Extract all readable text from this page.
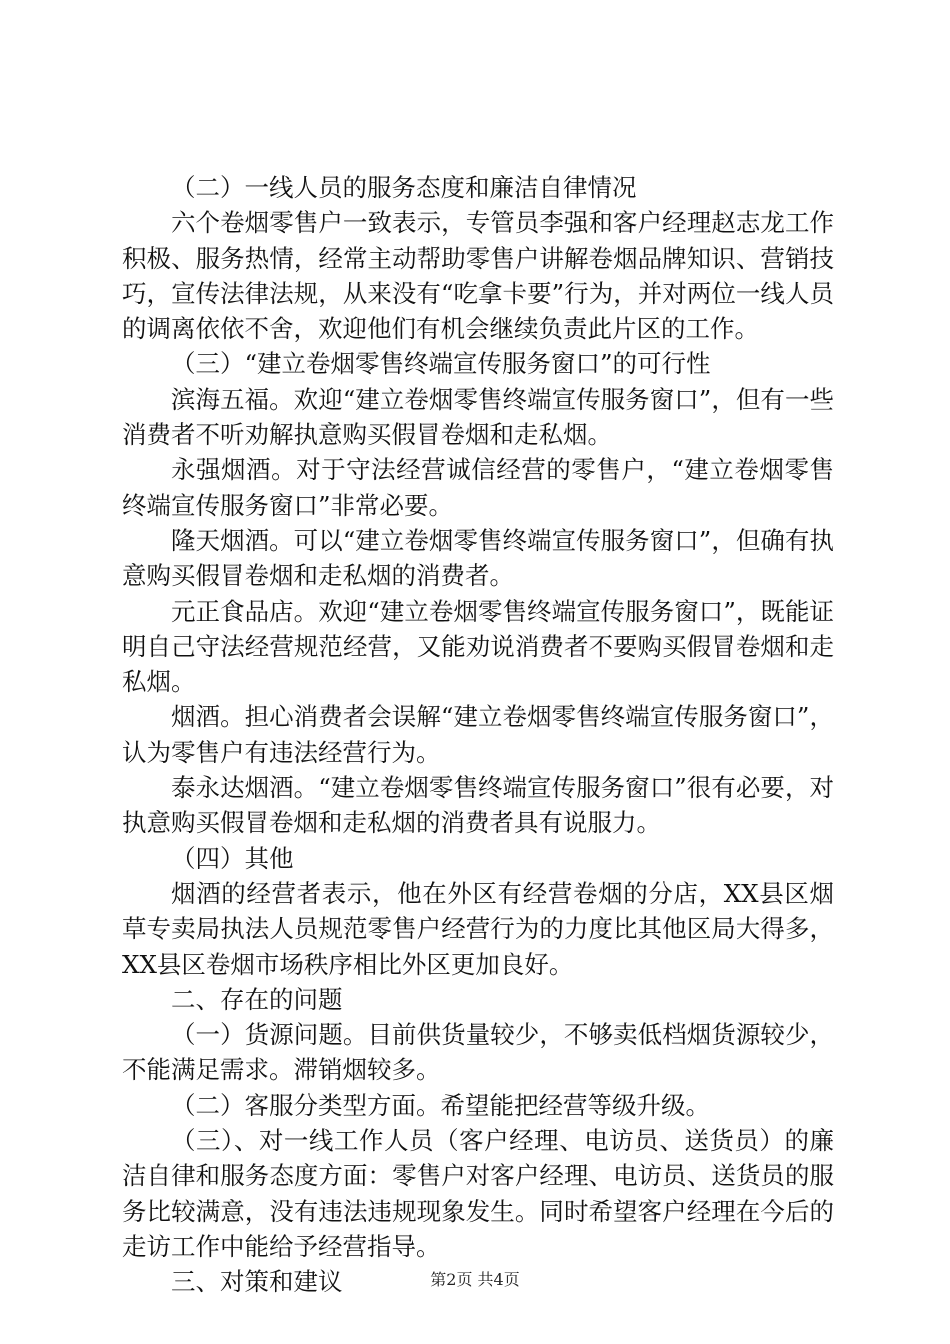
（二）一线人员的服务态度和廉洁自律情况

六个卷烟零售户一致表示，专管员李强和客户经理赵志龙工作积极、服务热情，经常主动帮助零售户讲解卷烟品牌知识、营销技巧，宣传法律法规，从来没有“吃拿卡要”行为，并对两位一线人员的调离依依不舍，欢迎他们有机会继续负责此片区的工作。

（三）“建立卷烟零售终端宣传服务窗口”的可行性

滨海五福。欢迎“建立卷烟零售终端宣传服务窗口”，但有一些消费者不听劝解执意购买假冒卷烟和走私烟。

永强烟酒。对于守法经营诚信经营的零售户，“建立卷烟零售终端宣传服务窗口”非常必要。

隆天烟酒。可以“建立卷烟零售终端宣传服务窗口”，但确有执意购买假冒卷烟和走私烟的消费者。

元正食品店。欢迎“建立卷烟零售终端宣传服务窗口”，既能证明自己守法经营规范经营，又能劝说消费者不要购买假冒卷烟和走私烟。

烟酒。担心消费者会误解“建立卷烟零售终端宣传服务窗口”，认为零售户有违法经营行为。

泰永达烟酒。“建立卷烟零售终端宣传服务窗口”很有必要，对执意购买假冒卷烟和走私烟的消费者具有说服力。

（四）其他

烟酒的经营者表示，他在外区有经营卷烟的分店，XX县区烟草专卖局执法人员规范零售户经营行为的力度比其他区局大得多，XX县区卷烟市场秩序相比外区更加良好。

二、存在的问题

（一）货源问题。目前供货量较少，不够卖低档烟货源较少，不能满足需求。滞销烟较多。

（二）客服分类型方面。希望能把经营等级升级。

（三）、对一线工作人员（客户经理、电访员、送货员）的廉洁自律和服务态度方面：零售户对客户经理、电访员、送货员的服务比较满意，没有违法违规现象发生。同时希望客户经理在今后的走访工作中能给予经营指导。

三、对策和建议	第2页 共4页
